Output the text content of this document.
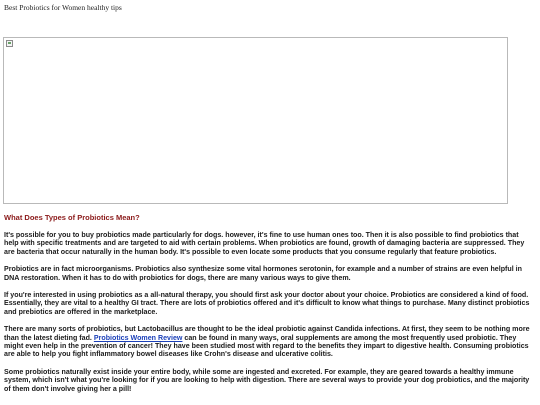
Best Probiotics for Women healthy tips
What Does Types of Probiotics Mean?

It's possible for you to buy probiotics made particularly for dogs. however, it's fine to use human ones too. Then it is also possible to find probiotics that help with specific treatments and are targeted to aid with certain problems. When probiotics are found, growth of damaging bacteria are suppressed. They are bacteria that occur naturally in the human body. It's possible to even locate some products that you consume regularly that feature probiotics.

Probiotics are in fact microorganisms. Probiotics also synthesize some vital hormones serotonin, for example and a number of strains are even helpful in DNA restoration. When it has to do with probiotics for dogs, there are many various ways to give them.

If you're interested in using probiotics as a all-natural therapy, you should first ask your doctor about your choice. Probiotics are considered a kind of food. Essentially, they are vital to a healthy GI tract. There are lots of probiotics offered and it's difficult to know what things to purchase. Many distinct probiotics and prebiotics are offered in the marketplace.

There are many sorts of probiotics, but Lactobacillus are thought to be the ideal probiotic against Candida infections. At first, they seem to be nothing more than the latest dieting fad. Probiotics Women Review can be found in many ways, oral supplements are among the most frequently used probiotic. They might even help in the prevention of cancer! They have been studied most with regard to the benefits they impart to digestive health. Consuming probiotics are able to help you fight inflammatory bowel diseases like Crohn's disease and ulcerative colitis.

Some probiotics naturally exist inside your entire body, while some are ingested and excreted. For example, they are geared towards a healthy immune system, which isn't what you're looking for if you are looking to help with digestion. There are several ways to provide your dog probiotics, and the majority of them don't involve giving her a pill!
